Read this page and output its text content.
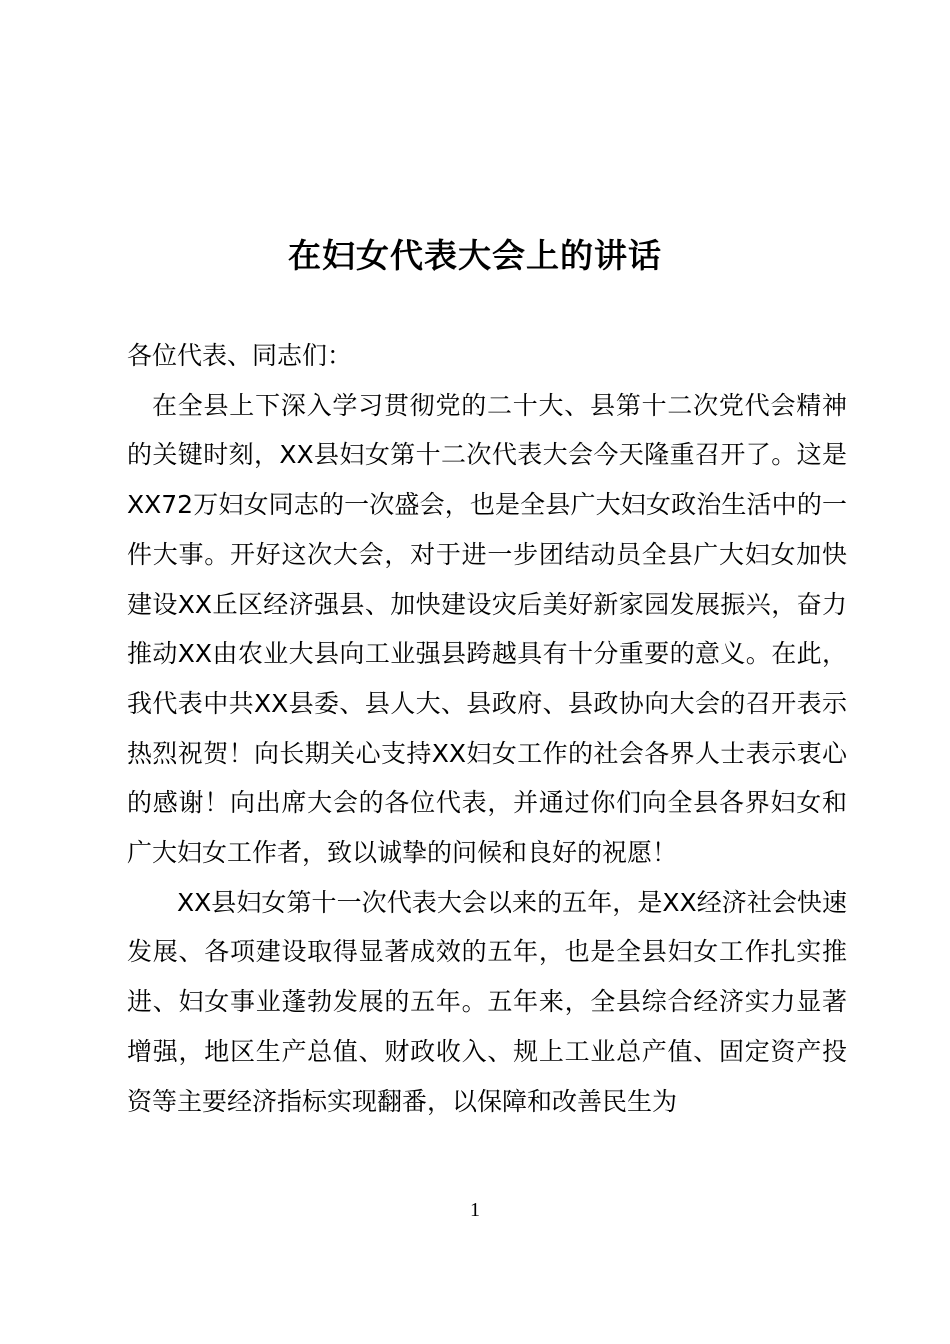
在妇女代表大会上的讲话

各位代表、同志们：

在全县上下深入学习贯彻党的二十大、县第十二次党代会精神的关键时刻，XX县妇女第十二次代表大会今天隆重召开了。这是XX72万妇女同志的一次盛会，也是全县广大妇女政治生活中的一件大事。开好这次大会，对于进一步团结动员全县广大妇女加快建设XX丘区经济强县、加快建设灾后美好新家园发展振兴，奋力推动XX由农业大县向工业强县跨越具有十分重要的意义。在此，我代表中共XX县委、县人大、县政府、县政协向大会的召开表示热烈祝贺！向长期关心支持XX妇女工作的社会各界人士表示衷心的感谢！向出席大会的各位代表，并通过你们向全县各界妇女和广大妇女工作者，致以诚挚的问候和良好的祝愿！

XX县妇女第十一次代表大会以来的五年，是XX经济社会快速发展、各项建设取得显著成效的五年，也是全县妇女工作扎实推进、妇女事业蓬勃发展的五年。五年来，全县综合经济实力显著增强，地区生产总值、财政收入、规上工业总产值、固定资产投资等主要经济指标实现翻番，以保障和改善民生为

1
